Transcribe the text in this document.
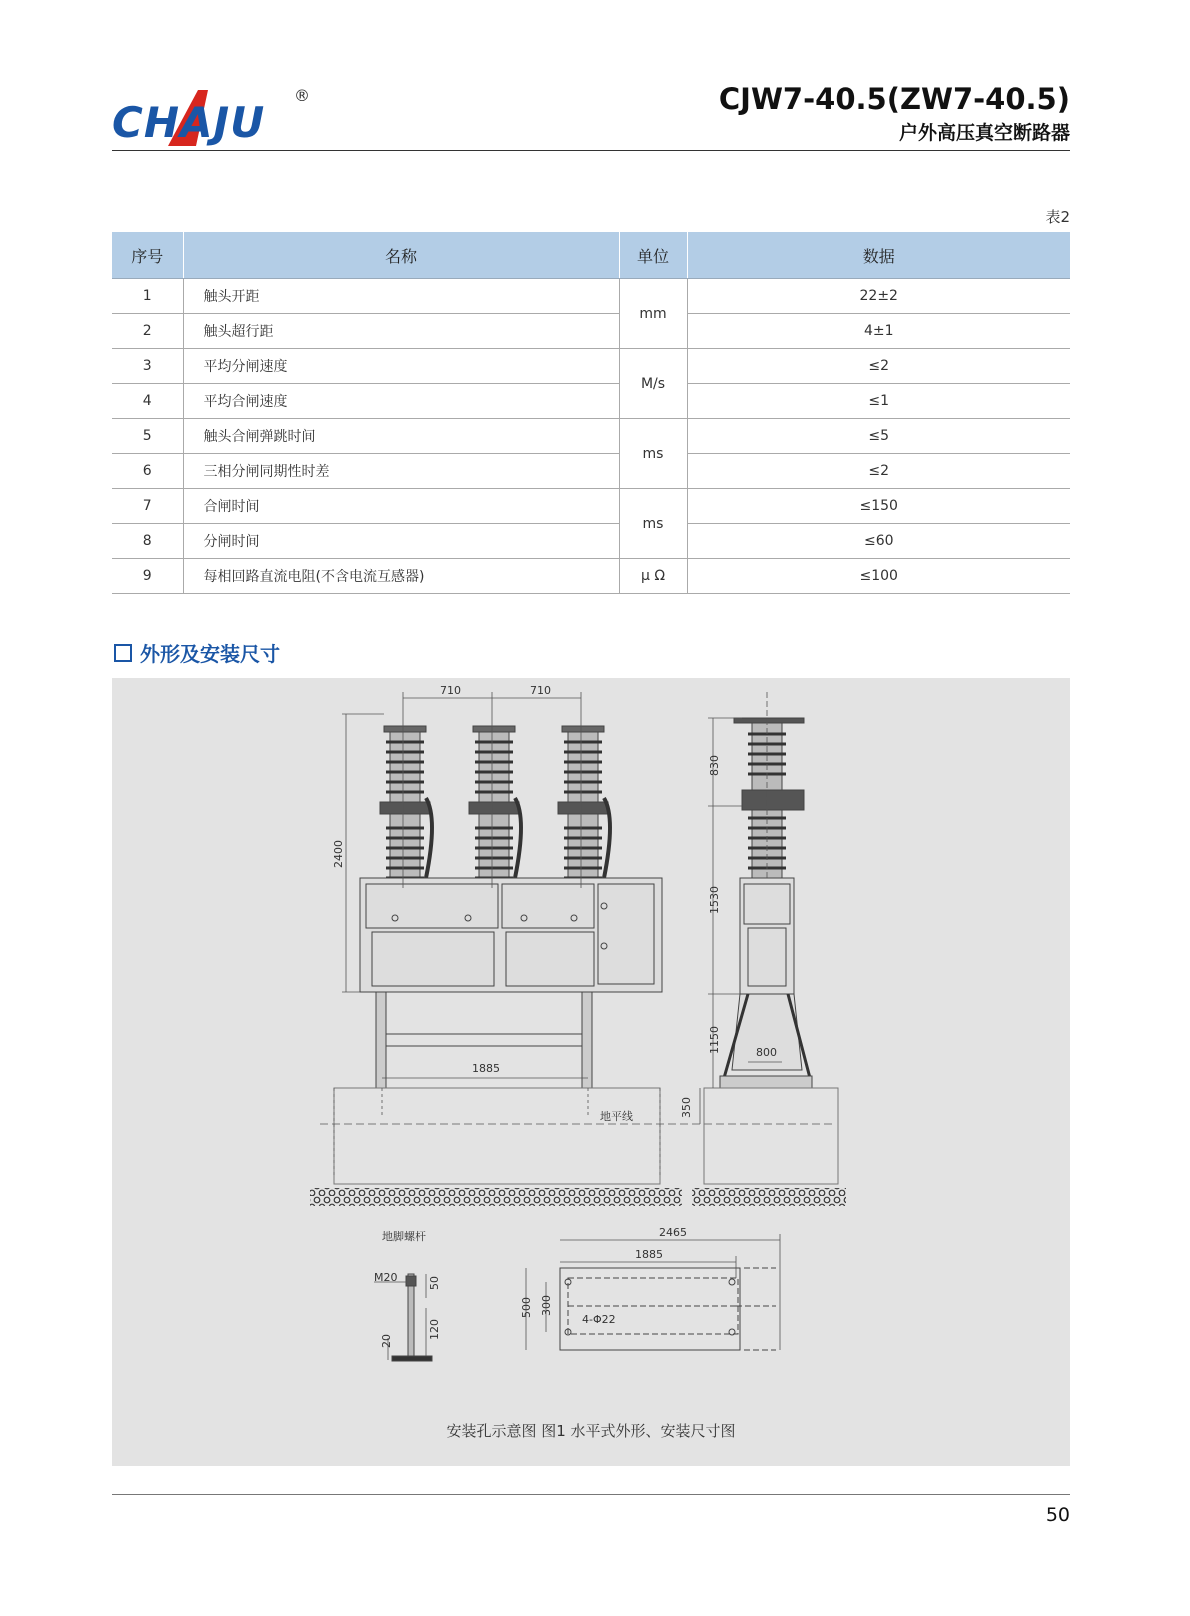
CHAJU
®	CJW7-40.5(ZW7-40.5)
户外高压真空断路器
表2
序号	名称	单位	数据
1	触头开距	mm	22±2
2	触头超行距		4±1
3	平均分闸速度	M/s	≤2
4	平均合闸速度		≤1
5	触头合闸弹跳时间	ms	≤5
6	三相分闸同期性时差		≤2
7	合闸时间	ms	≤150
8	分闸时间		≤60
9	每相回路直流电阻(不含电流互感器)	μ Ω	≤100
外形及安装尺寸
710	710
2400
1885
地平线	350
830
1530
1150	800
地脚螺杆
M20	50
120
20
2465
1885
500 300
4-Φ22
安装孔示意图 图1 水平式外形、安装尺寸图
50
